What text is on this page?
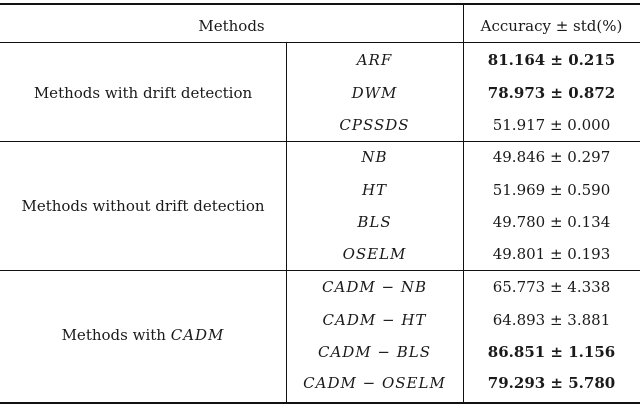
Methods	Accuracy ± std(%)
Methods with drift detection
ARF	81.164 ± 0.215
DWM	78.973 ± 0.872
CPSSDS	51.917 ± 0.000
Methods without drift detection
NB	49.846 ± 0.297
HT	51.969 ± 0.590
BLS	49.780 ± 0.134
OSELM	49.801 ± 0.193
Methods with CADM
CADM − NB	65.773 ± 4.338
CADM − HT	64.893 ± 3.881
CADM − BLS	86.851 ± 1.156
CADM − OSELM	79.293 ± 5.780
